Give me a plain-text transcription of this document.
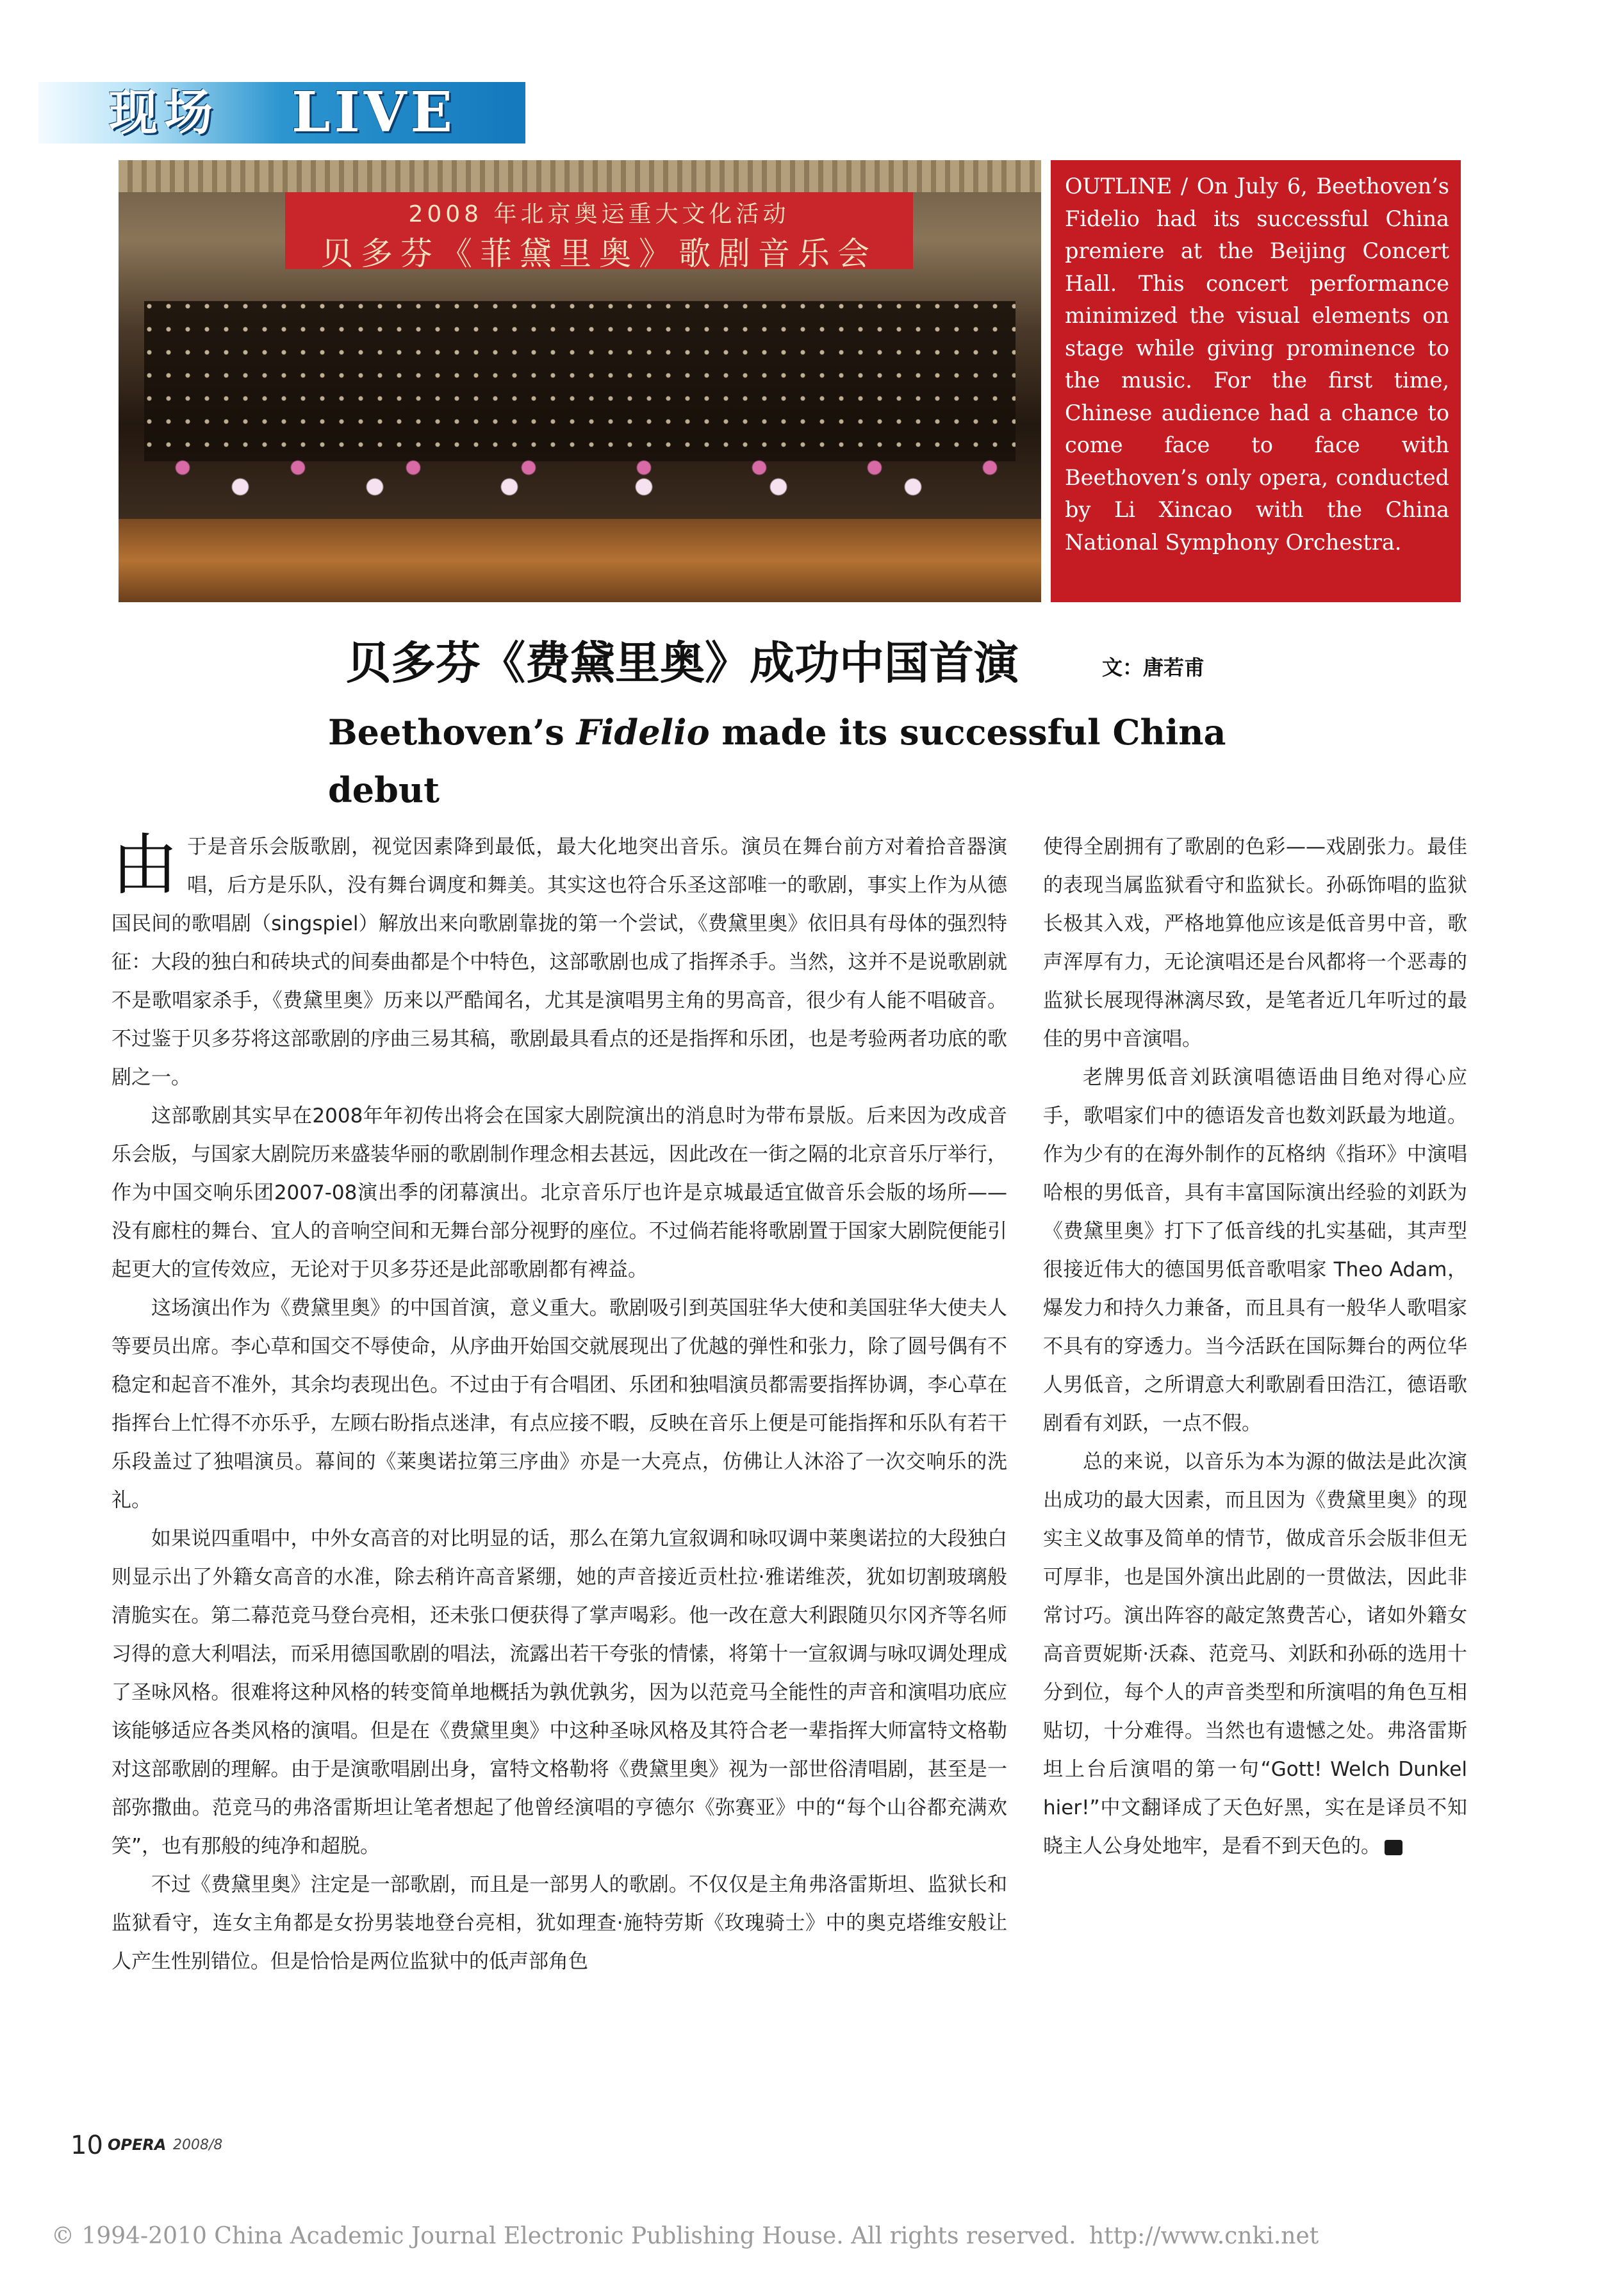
现场 LIVE
2008 年北京奥运重大文化活动
贝多芬《菲黛里奥》歌剧音乐会
OUTLINE / On July 6, Beethoven’s Fidelio had its successful China premiere at the Beijing Concert Hall. This concert performance minimized the visual elements on stage while giving prominence to the music. For the first time, Chinese audience had a chance to come face to face with Beethoven’s only opera, conducted by Li Xincao with the China National Symphony Orchestra.
贝多芬《费黛里奥》成功中国首演	文：唐若甫
Beethoven’s Fidelio made its successful China debut

由于是音乐会版歌剧，视觉因素降到最低，最大化地突出音乐。演员在舞台前方对着拾音器演唱，后方是乐队，没有舞台调度和舞美。其实这也符合乐圣这部唯一的歌剧，事实上作为从德国民间的歌唱剧（singspiel）解放出来向歌剧靠拢的第一个尝试，《费黛里奥》依旧具有母体的强烈特征：大段的独白和砖块式的间奏曲都是个中特色，这部歌剧也成了指挥杀手。当然，这并不是说歌剧就不是歌唱家杀手，《费黛里奥》历来以严酷闻名，尤其是演唱男主角的男高音，很少有人能不唱破音。不过鉴于贝多芬将这部歌剧的序曲三易其稿，歌剧最具看点的还是指挥和乐团，也是考验两者功底的歌剧之一。

这部歌剧其实早在2008年年初传出将会在国家大剧院演出的消息时为带布景版。后来因为改成音乐会版，与国家大剧院历来盛装华丽的歌剧制作理念相去甚远，因此改在一街之隔的北京音乐厅举行，作为中国交响乐团2007-08演出季的闭幕演出。北京音乐厅也许是京城最适宜做音乐会版的场所——没有廊柱的舞台、宜人的音响空间和无舞台部分视野的座位。不过倘若能将歌剧置于国家大剧院便能引起更大的宣传效应，无论对于贝多芬还是此部歌剧都有裨益。

这场演出作为《费黛里奥》的中国首演，意义重大。歌剧吸引到英国驻华大使和美国驻华大使夫人等要员出席。李心草和国交不辱使命，从序曲开始国交就展现出了优越的弹性和张力，除了圆号偶有不稳定和起音不准外，其余均表现出色。不过由于有合唱团、乐团和独唱演员都需要指挥协调，李心草在指挥台上忙得不亦乐乎，左顾右盼指点迷津，有点应接不暇，反映在音乐上便是可能指挥和乐队有若干乐段盖过了独唱演员。幕间的《莱奥诺拉第三序曲》亦是一大亮点，仿佛让人沐浴了一次交响乐的洗礼。

如果说四重唱中，中外女高音的对比明显的话，那么在第九宣叙调和咏叹调中莱奥诺拉的大段独白则显示出了外籍女高音的水准，除去稍许高音紧绷，她的声音接近贡杜拉·雅诺维茨，犹如切割玻璃般清脆实在。第二幕范竞马登台亮相，还未张口便获得了掌声喝彩。他一改在意大利跟随贝尔冈齐等名师习得的意大利唱法，而采用德国歌剧的唱法，流露出若干夸张的情愫，将第十一宣叙调与咏叹调处理成了圣咏风格。很难将这种风格的转变简单地概括为孰优孰劣，因为以范竞马全能性的声音和演唱功底应该能够适应各类风格的演唱。但是在《费黛里奥》中这种圣咏风格及其符合老一辈指挥大师富特文格勒对这部歌剧的理解。由于是演歌唱剧出身，富特文格勒将《费黛里奥》视为一部世俗清唱剧，甚至是一部弥撒曲。范竞马的弗洛雷斯坦让笔者想起了他曾经演唱的亨德尔《弥赛亚》中的“每个山谷都充满欢笑”，也有那般的纯净和超脱。

不过《费黛里奥》注定是一部歌剧，而且是一部男人的歌剧。不仅仅是主角弗洛雷斯坦、监狱长和监狱看守，连女主角都是女扮男装地登台亮相，犹如理查·施特劳斯《玫瑰骑士》中的奥克塔维安般让人产生性别错位。但是恰恰是两位监狱中的低声部角色

使得全剧拥有了歌剧的色彩——戏剧张力。最佳的表现当属监狱看守和监狱长。孙砾饰唱的监狱长极其入戏，严格地算他应该是低音男中音，歌声浑厚有力，无论演唱还是台风都将一个恶毒的监狱长展现得淋漓尽致，是笔者近几年听过的最佳的男中音演唱。

老牌男低音刘跃演唱德语曲目绝对得心应手，歌唱家们中的德语发音也数刘跃最为地道。作为少有的在海外制作的瓦格纳《指环》中演唱哈根的男低音，具有丰富国际演出经验的刘跃为《费黛里奥》打下了低音线的扎实基础，其声型很接近伟大的德国男低音歌唱家 Theo Adam，爆发力和持久力兼备，而且具有一般华人歌唱家不具有的穿透力。当今活跃在国际舞台的两位华人男低音，之所谓意大利歌剧看田浩江，德语歌剧看有刘跃，一点不假。

总的来说，以音乐为本为源的做法是此次演出成功的最大因素，而且因为《费黛里奥》的现实主义故事及简单的情节，做成音乐会版非但无可厚非，也是国外演出此剧的一贯做法，因此非常讨巧。演出阵容的敲定煞费苦心，诸如外籍女高音贾妮斯·沃森、范竞马、刘跃和孙砾的选用十分到位，每个人的声音类型和所演唱的角色互相贴切，十分难得。当然也有遗憾之处。弗洛雷斯坦上台后演唱的第一句“Gott! Welch Dunkel hier!”中文翻译成了天色好黑，实在是译员不知晓主人公身处地牢，是看不到天色的。

10 OPERA 2008/8
© 1994-2010 China Academic Journal Electronic Publishing House. All rights reserved. http://www.cnki.net
